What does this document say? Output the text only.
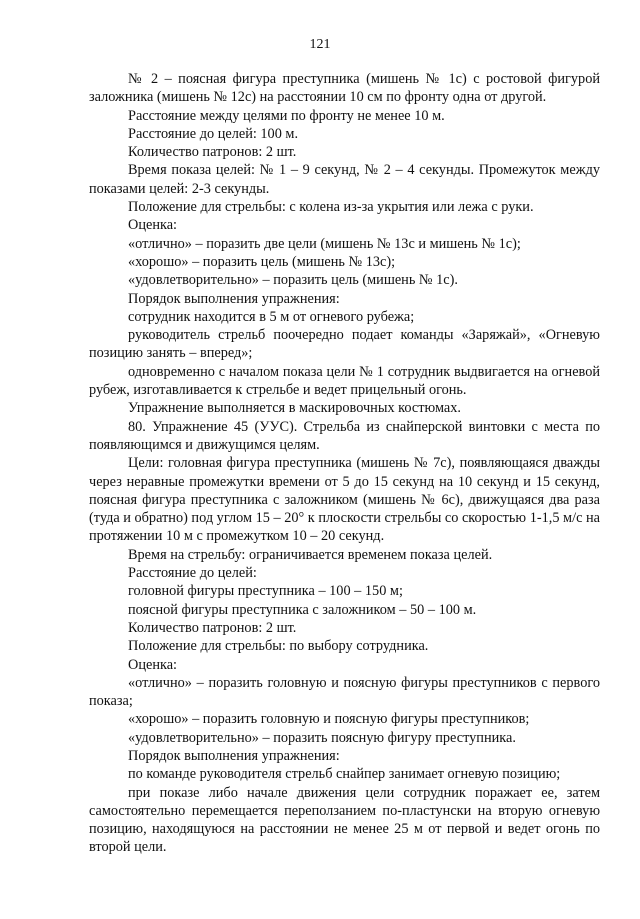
121

№ 2 – поясная фигура преступника (мишень № 1с) с ростовой фигурой заложника (мишень № 12с) на расстоянии 10 см по фронту одна от другой.

Расстояние между целями по фронту не менее 10 м.

Расстояние до целей: 100 м.

Количество патронов: 2 шт.

Время показа целей: № 1 – 9 секунд, № 2 – 4 секунды. Промежуток между показами целей: 2-3 секунды.

Положение для стрельбы: с колена из-за укрытия или лежа с руки.

Оценка:

«отлично» – поразить две цели (мишень № 13с и мишень № 1с);

«хорошо» – поразить цель (мишень № 13с);

«удовлетворительно» – поразить цель (мишень № 1с).

Порядок выполнения упражнения:

сотрудник находится в 5 м от огневого рубежа;

руководитель стрельб поочередно подает команды «Заряжай», «Огневую позицию занять – вперед»;

одновременно с началом показа цели № 1 сотрудник выдвигается на огневой рубеж, изготавливается к стрельбе и ведет прицельный огонь.

Упражнение выполняется в маскировочных костюмах.

80. Упражнение 45 (УУС). Стрельба из снайперской винтовки с места по появляющимся и движущимся целям.

Цели: головная фигура преступника (мишень № 7с), появляющаяся дважды через неравные промежутки времени от 5 до 15 секунд на 10 секунд и 15 секунд, поясная фигура преступника с заложником (мишень № 6с), движущаяся два раза (туда и обратно) под углом 15 – 20° к плоскости стрельбы со скоростью 1-1,5 м/с на протяжении 10 м с промежутком 10 – 20 секунд.

Время на стрельбу: ограничивается временем показа целей.

Расстояние до целей:

головной фигуры преступника – 100 – 150 м;

поясной фигуры преступника с заложником – 50 – 100 м.

Количество патронов: 2 шт.

Положение для стрельбы: по выбору сотрудника.

Оценка:

«отлично» – поразить головную и поясную фигуры преступников с первого показа;

«хорошо» – поразить головную и поясную фигуры преступников;

«удовлетворительно» – поразить поясную фигуру преступника.

Порядок выполнения упражнения:

по команде руководителя стрельб снайпер занимает огневую позицию;

при показе либо начале движения цели сотрудник поражает ее, затем самостоятельно перемещается переползанием по-пластунски на вторую огневую позицию, находящуюся на расстоянии не менее 25 м от первой и ведет огонь по второй цели.
